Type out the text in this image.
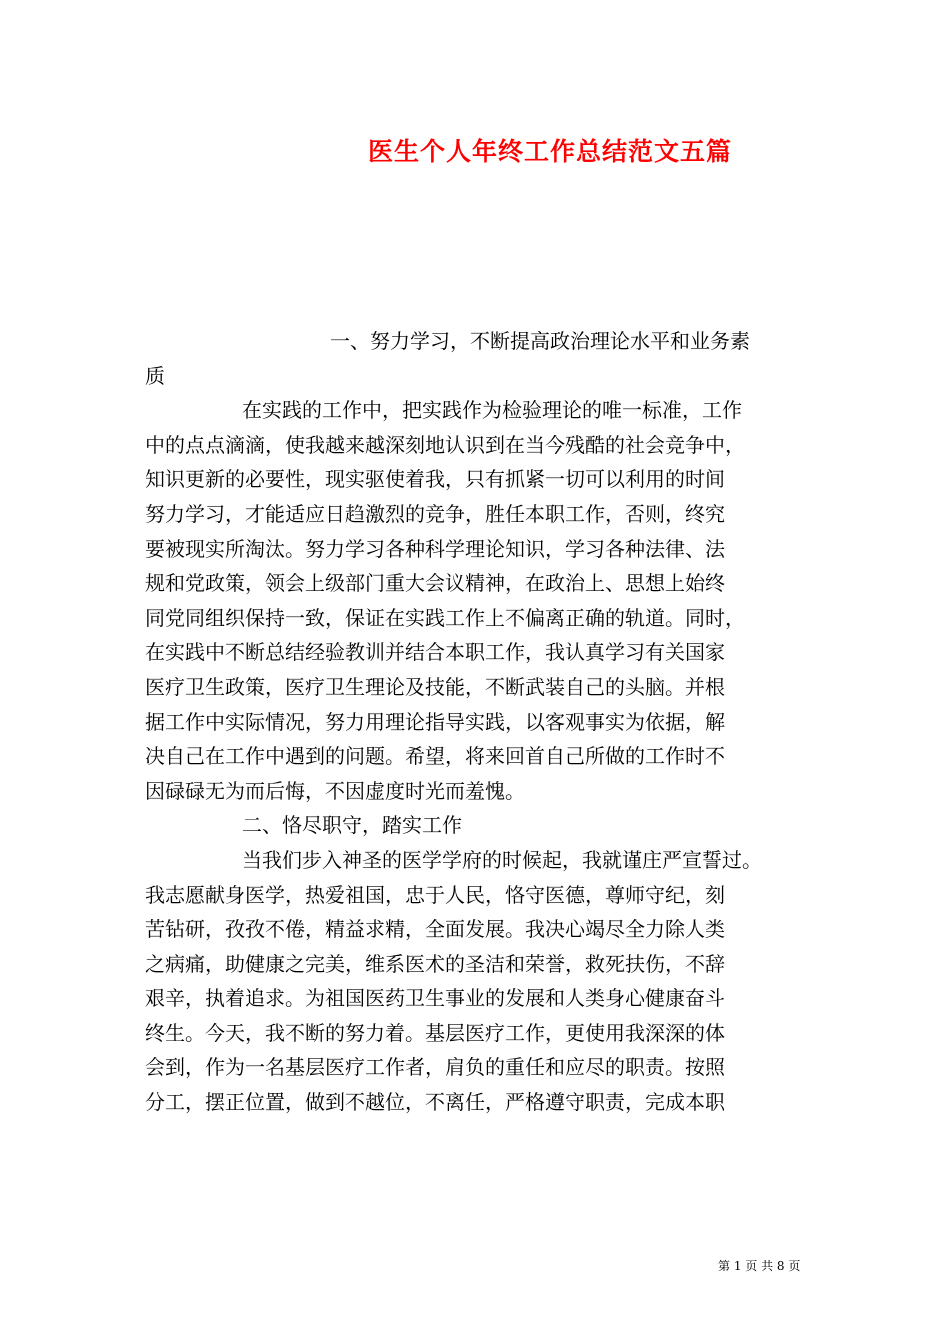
医生个人年终工作总结范文五篇
一、努力学习，不断提高政治理论水平和业务素
质
在实践的工作中，把实践作为检验理论的唯一标准，工作
中的点点滴滴，使我越来越深刻地认识到在当今残酷的社会竞争中，
知识更新的必要性，现实驱使着我，只有抓紧一切可以利用的时间
努力学习，才能适应日趋激烈的竞争，胜任本职工作，否则，终究
要被现实所淘汰。努力学习各种科学理论知识，学习各种法律、法
规和党政策，领会上级部门重大会议精神，在政治上、思想上始终
同党同组织保持一致，保证在实践工作上不偏离正确的轨道。同时，
在实践中不断总结经验教训并结合本职工作，我认真学习有关国家
医疗卫生政策，医疗卫生理论及技能，不断武装自己的头脑。并根
据工作中实际情况，努力用理论指导实践，以客观事实为依据，解
决自己在工作中遇到的问题。希望，将来回首自己所做的工作时不
因碌碌无为而后悔，不因虚度时光而羞愧。
二、恪尽职守，踏实工作
当我们步入神圣的医学学府的时候起，我就谨庄严宣誓过。
我志愿献身医学，热爱祖国，忠于人民，恪守医德，尊师守纪，刻
苦钻研，孜孜不倦，精益求精，全面发展。我决心竭尽全力除人类
之病痛，助健康之完美，维系医术的圣洁和荣誉，救死扶伤，不辞
艰辛，执着追求。为祖国医药卫生事业的发展和人类身心健康奋斗
终生。今天，我不断的努力着。基层医疗工作，更使用我深深的体
会到，作为一名基层医疗工作者，肩负的重任和应尽的职责。按照
分工，摆正位置，做到不越位，不离任，严格遵守职责，完成本职
第 1 页 共 8 页
